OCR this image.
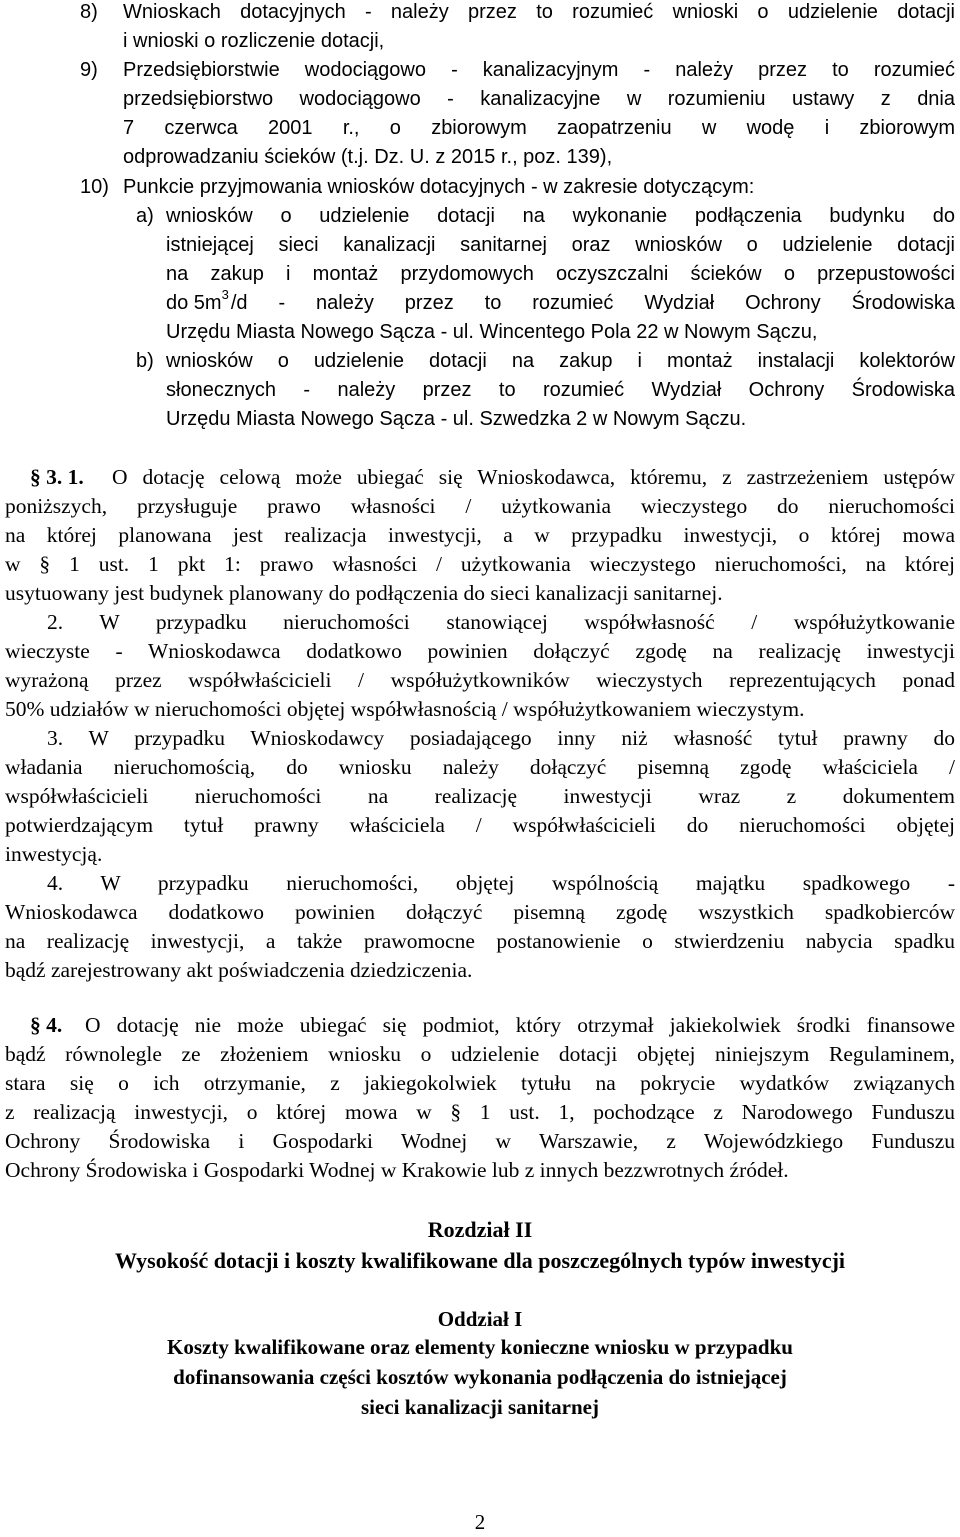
8) Wnioskach dotacyjnych - należy przez to rozumieć wnioski o udzielenie dotacji
i wnioski o rozliczenie dotacji,
9) Przedsiębiorstwie wodociągowo - kanalizacyjnym - należy przez to rozumieć
przedsiębiorstwo wodociągowo - kanalizacyjne w rozumieniu ustawy z dnia
7 czerwca 2001 r., o zbiorowym zaopatrzeniu w wodę i zbiorowym
odprowadzaniu ścieków (t.j. Dz. U. z 2015 r., poz. 139),
10) Punkcie przyjmowania wniosków dotacyjnych - w zakresie dotyczącym:
a) wniosków o udzielenie dotacji na wykonanie podłączenia budynku do
istniejącej sieci kanalizacji sanitarnej oraz wniosków o udzielenie dotacji
na zakup i montaż przydomowych oczyszczalni ścieków o przepustowości
do $5m^3$ /d - należy przez to rozumieć Wydział Ochrony Środowiska
Urzędu Miasta Nowego Sącza - ul. Wincentego Pola 22 w Nowym Sączu,
b) wniosków o udzielenie dotacji na zakup i montaż instalacji kolektorów
słonecznych - należy przez to rozumieć Wydział Ochrony Środowiska
Urzędu Miasta Nowego Sącza - ul. Szwedzka 2 w Nowym Sączu.
§ 3. 1. O dotację celową może ubiegać się Wnioskodawca, któremu, z zastrzeżeniem ustępów
poniższych, przysługuje prawo własności / użytkowania wieczystego do nieruchomości
na której planowana jest realizacja inwestycji, a w przypadku inwestycji, o której mowa
w § 1 ust. 1 pkt 1: prawo własności / użytkowania wieczystego nieruchomości, na której
usytuowany jest budynek planowany do podłączenia do sieci kanalizacji sanitarnej.
2. W przypadku nieruchomości stanowiącej współwłasność / współużytkowanie
wieczyste - Wnioskodawca dodatkowo powinien dołączyć zgodę na realizację inwestycji
wyrażoną przez współwłaścicieli / współużytkowników wieczystych reprezentujących ponad
50% udziałów w nieruchomości objętej współwłasnością / współużytkowaniem wieczystym.
3. W przypadku Wnioskodawcy posiadającego inny niż własność tytuł prawny do
władania nieruchomością, do wniosku należy dołączyć pisemną zgodę właściciela /
współwłaścicieli nieruchomości na realizację inwestycji wraz z dokumentem
potwierdzającym tytuł prawny właściciela / współwłaścicieli do nieruchomości objętej
inwestycją.
4. W przypadku nieruchomości, objętej wspólnością majątku spadkowego -
Wnioskodawca dodatkowo powinien dołączyć pisemną zgodę wszystkich spadkobierców
na realizację inwestycji, a także prawomocne postanowienie o stwierdzeniu nabycia spadku
bądź zarejestrowany akt poświadczenia dziedziczenia.
§ 4. O dotację nie może ubiegać się podmiot, który otrzymał jakiekolwiek środki finansowe
bądź równolegle ze złożeniem wniosku o udzielenie dotacji objętej niniejszym Regulaminem,
stara się o ich otrzymanie, z jakiegokolwiek tytułu na pokrycie wydatków związanych
z realizacją inwestycji, o której mowa w § 1 ust. 1, pochodzące z Narodowego Funduszu
Ochrony Środowiska i Gospodarki Wodnej w Warszawie, z Wojewódzkiego Funduszu
Ochrony Środowiska i Gospodarki Wodnej w Krakowie lub z innych bezzwrotnych źródeł.
Rozdział II
Wysokość dotacji i koszty kwalifikowane dla poszczególnych typów inwestycji
Oddział I
Koszty kwalifikowane oraz elementy konieczne wniosku w przypadku
dofinansowania części kosztów wykonania podłączenia do istniejącej
sieci kanalizacji sanitarnej
2
